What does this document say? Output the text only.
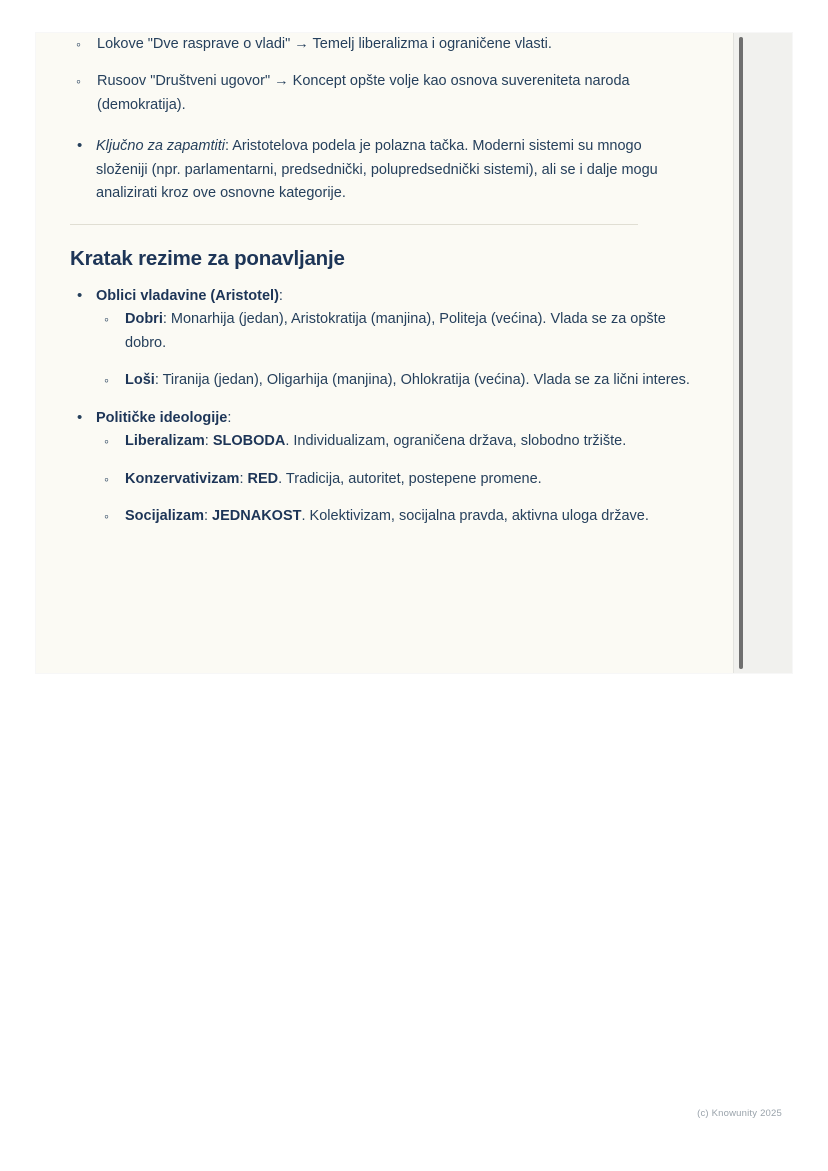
◦ Lokove "Dve rasprave o vladi" → Temelj liberalizma i ograničene vlasti.
◦ Rusoov "Društveni ugovor" → Koncept opšte volje kao osnova suvereniteta naroda (demokratija).
• Ključno za zapamtiti: Aristotelova podela je polazna tačka. Moderni sistemi su mnogo složeniji (npr. parlamentarni, predsednički, polupredsednički sistemi), ali se i dalje mogu analizirati kroz ove osnovne kategorije.
Kratak rezime za ponavljanje
• Oblici vladavine (Aristotel):
◦ Dobri: Monarhija (jedan), Aristokratija (manjina), Politeja (većina). Vlada se za opšte dobro.
◦ Loši: Tiranija (jedan), Oligarhija (manjina), Ohlokratija (većina). Vlada se za lični interes.
• Političke ideologije:
◦ Liberalizam: SLOBODA. Individualizam, ograničena država, slobodno tržište.
◦ Konzervativizam: RED. Tradicija, autoritet, postepene promene.
◦ Socijalizam: JEDNAKOST. Kolektivizam, socijalna pravda, aktivna uloga države.
(c) Knowunity 2025
